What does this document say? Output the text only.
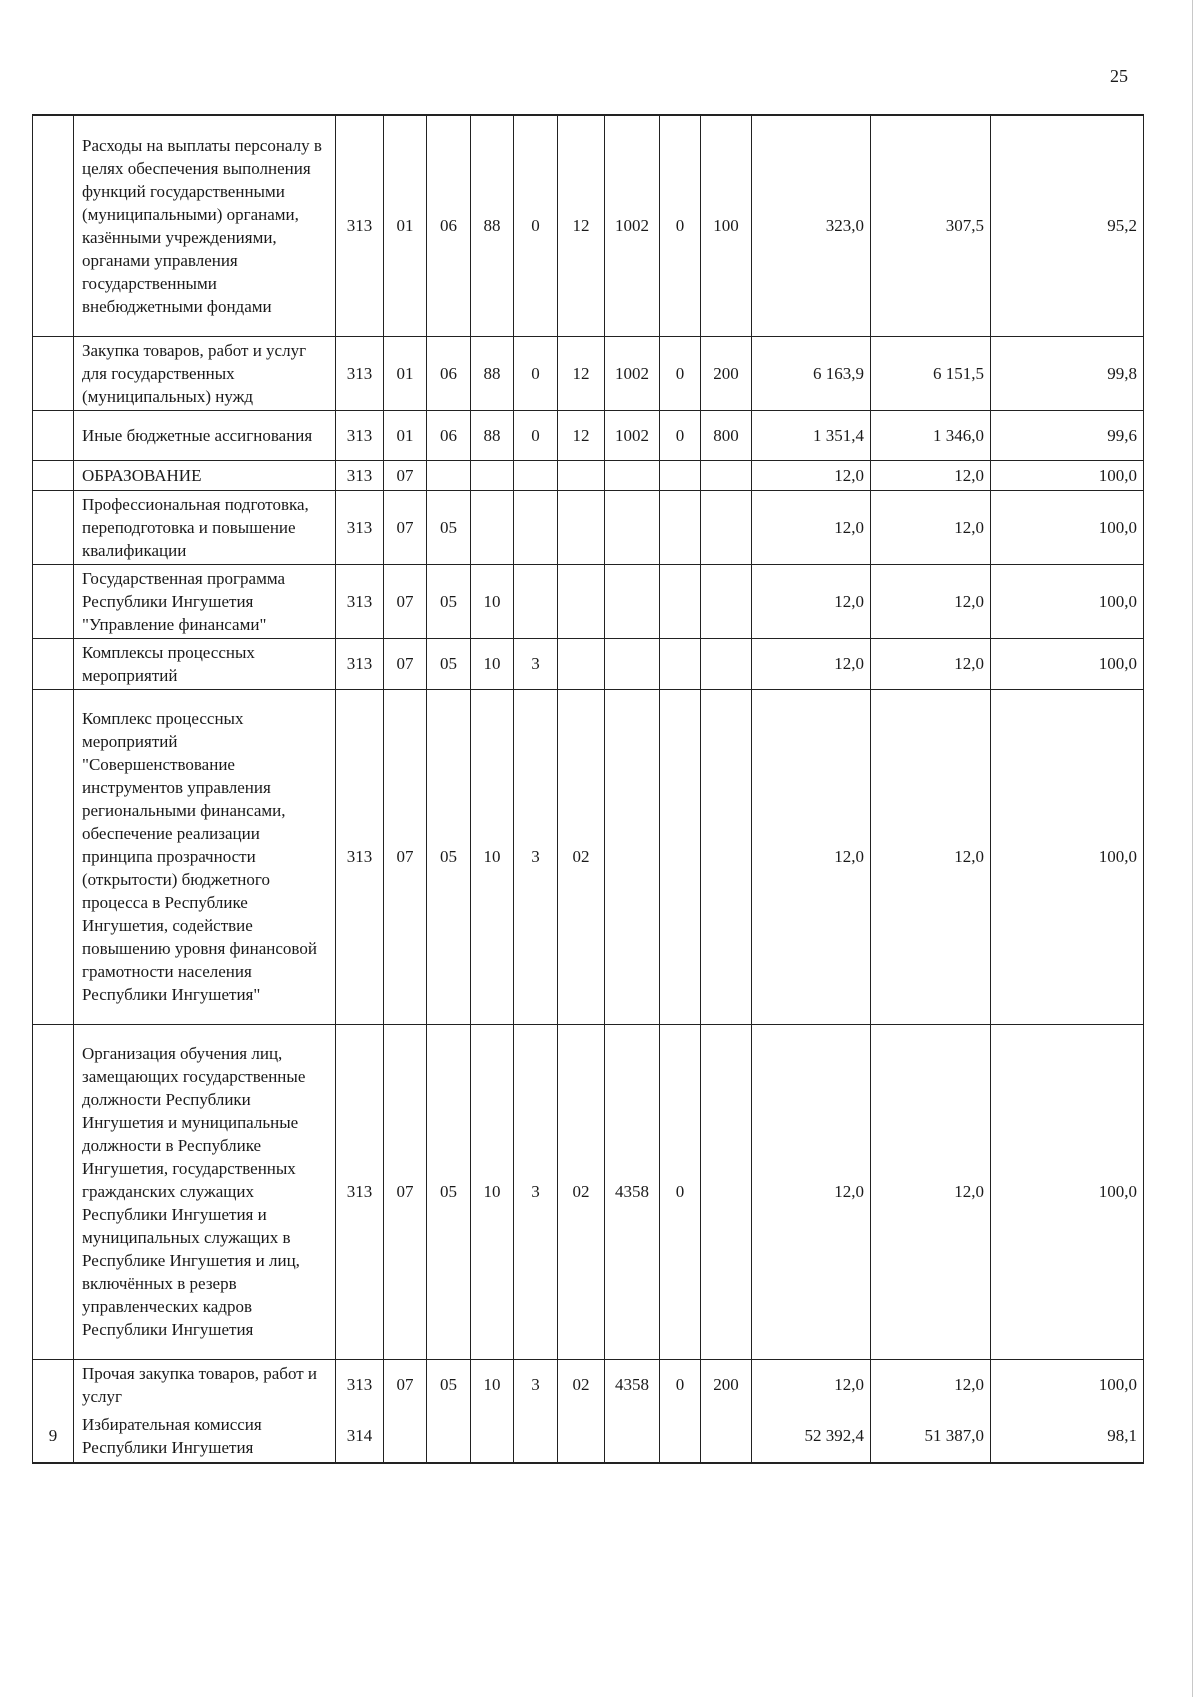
25
	Расходы на выплаты персоналу в целях обеспечения выполнения функций государственными (муниципальными) органами, казёнными учреждениями, органами управления государственными внебюджетными фондами	313	01	06	88	0	12	1002	0	100	323,0	307,5	95,2
	Закупка товаров, работ и услуг для государственных (муниципальных) нужд	313	01	06	88	0	12	1002	0	200	6 163,9	6 151,5	99,8
	Иные бюджетные ассигнования	313	01	06	88	0	12	1002	0	800	1 351,4	1 346,0	99,6
	ОБРАЗОВАНИЕ	313	07								12,0	12,0	100,0
	Профессиональная подготовка, переподготовка и повышение квалификации	313	07	05							12,0	12,0	100,0
	Государственная программа Республики Ингушетия "Управление финансами"	313	07	05	10						12,0	12,0	100,0
	Комплексы процессных мероприятий	313	07	05	10	3					12,0	12,0	100,0
	Комплекс процессных мероприятий "Совершенствование инструментов управления региональными финансами, обеспечение реализации принципа прозрачности (открытости) бюджетного процесса в Республике Ингушетия, содействие повышению уровня финансовой грамотности населения Республики Ингушетия"	313	07	05	10	3	02				12,0	12,0	100,0
	Организация обучения лиц, замещающих государственные должности Республики Ингушетия и муниципальные должности в Республике Ингушетия, государственных гражданских служащих Республики Ингушетия и муниципальных служащих в Республике Ингушетия и лиц, включённых в резерв управленческих кадров Республики Ингушетия	313	07	05	10	3	02	4358	0		12,0	12,0	100,0
	Прочая закупка товаров, работ и услуг	313	07	05	10	3	02	4358	0	200	12,0	12,0	100,0
9	Избирательная комиссия Республики Ингушетия	314									52 392,4	51 387,0	98,1
